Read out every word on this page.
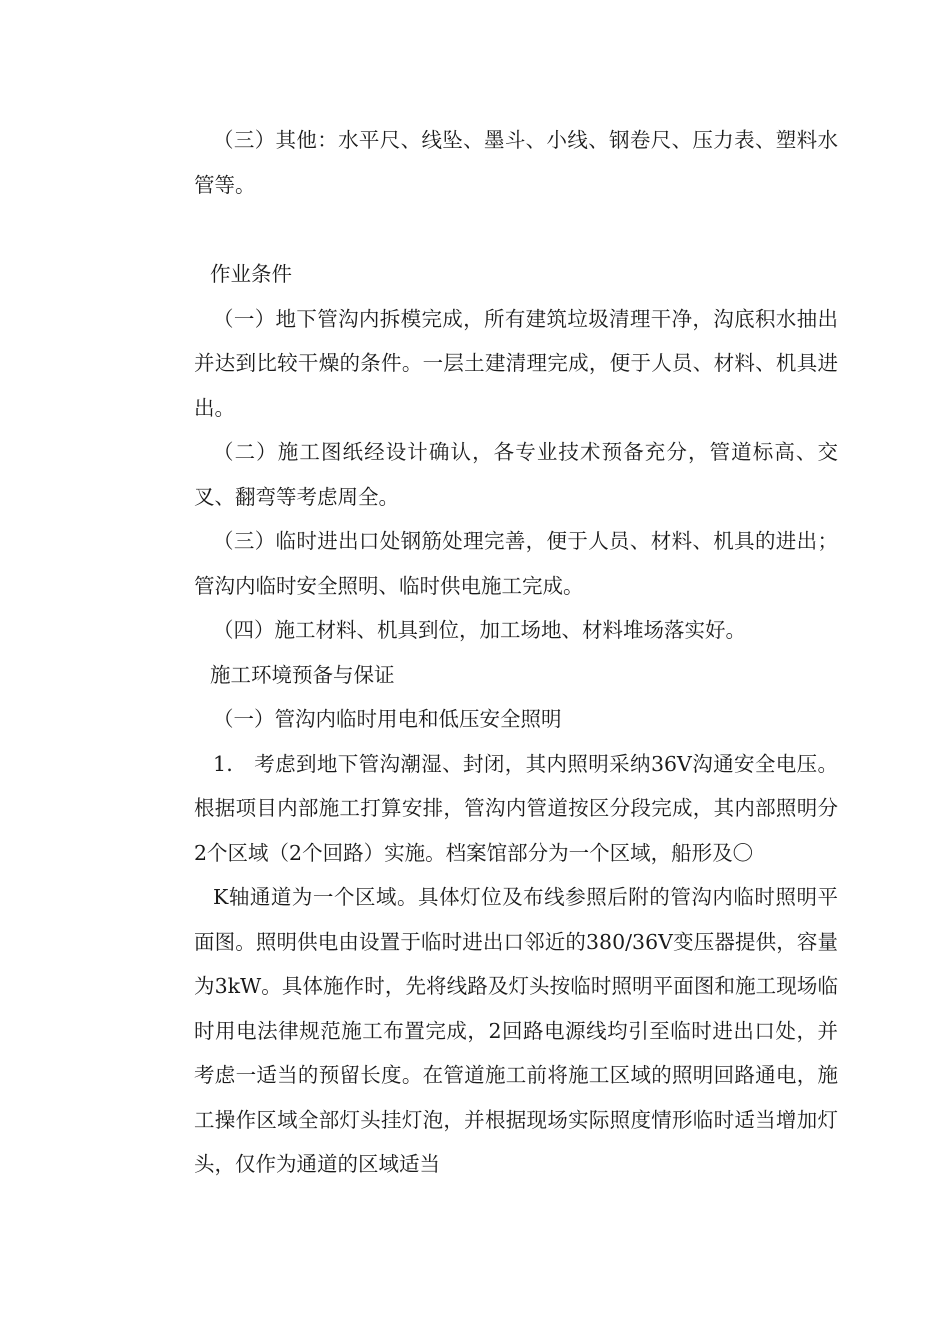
（三）其他：水平尺、线坠、墨斗、小线、钢卷尺、压力表、塑料水管等。

作业条件

（一）地下管沟内拆模完成，所有建筑垃圾清理干净，沟底积水抽出并达到比较干燥的条件。一层土建清理完成，便于人员、材料、机具进出。

（二）施工图纸经设计确认，各专业技术预备充分，管道标高、交叉、翻弯等考虑周全。

（三）临时进出口处钢筋处理完善，便于人员、材料、机具的进出；管沟内临时安全照明、临时供电施工完成。

（四）施工材料、机具到位，加工场地、材料堆场落实好。

施工环境预备与保证

（一）管沟内临时用电和低压安全照明

1． 考虑到地下管沟潮湿、封闭，其内照明采纳36V沟通安全电压。根据项目内部施工打算安排，管沟内管道按区分段完成，其内部照明分2个区域（2个回路）实施。档案馆部分为一个区域，船形及〇

K轴通道为一个区域。具体灯位及布线参照后附的管沟内临时照明平面图。照明供电由设置于临时进出口邻近的380/36V变压器提供，容量为3kW。具体施作时，先将线路及灯头按临时照明平面图和施工现场临时用电法律规范施工布置完成，2回路电源线均引至临时进出口处，并考虑一适当的预留长度。在管道施工前将施工区域的照明回路通电，施工操作区域全部灯头挂灯泡，并根据现场实际照度情形临时适当增加灯头，仅作为通道的区域适当
